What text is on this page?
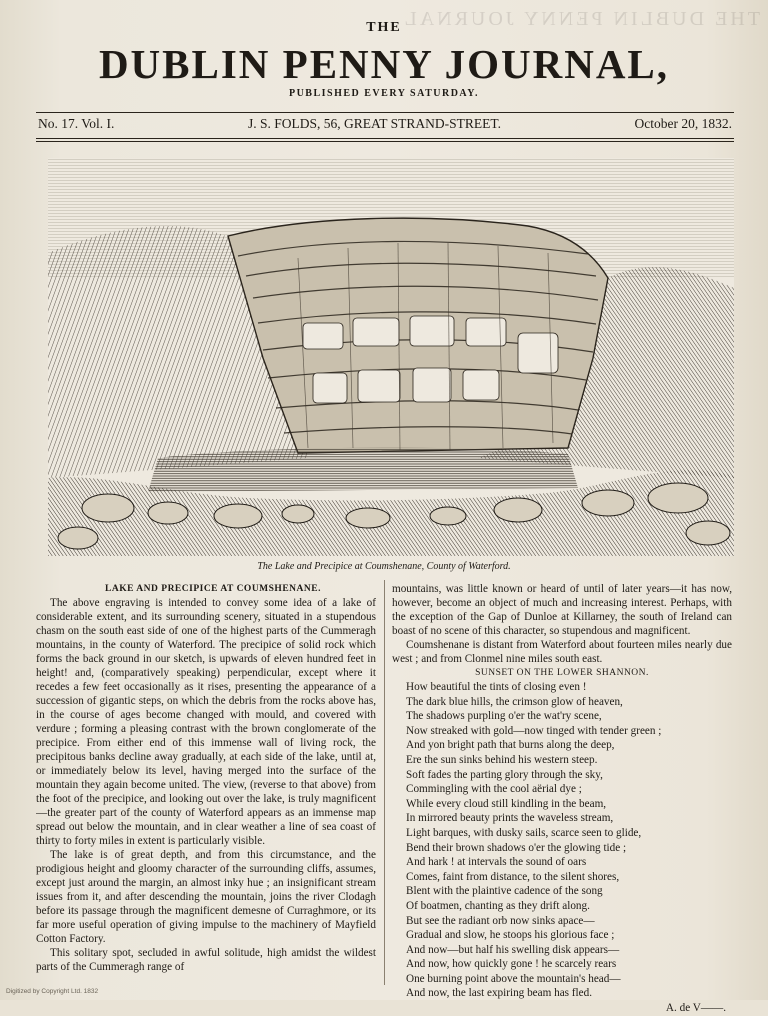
THE DUBLIN PENNY JOURNAL
THE
DUBLIN PENNY JOURNAL,
PUBLISHED EVERY SATURDAY.
No. 17. Vol. I.	J. S. FOLDS, 56, GREAT STRAND-STREET.	October 20, 1832.
The Lake and Precipice at Coumshenane, County of Waterford.

LAKE AND PRECIPICE AT COUMSHENANE.

The above engraving is intended to convey some idea of a lake of considerable extent, and its surrounding scenery, situated in a stupendous chasm on the south east side of one of the highest parts of the Cummeragh mountains, in the county of Waterford. The precipice of solid rock which forms the back ground in our sketch, is upwards of eleven hundred feet in height! and, (comparatively speaking) perpendicular, except where it recedes a few feet occasionally as it rises, presenting the appearance of a succession of gigantic steps, on which the debris from the rocks above has, in the course of ages become changed with mould, and covered with verdure ; forming a pleasing contrast with the brown conglomerate of the precipice. From either end of this immense wall of living rock, the precipitous banks decline away gradually, at each side of the lake, until at, or immediately below its level, having merged into the surface of the mountain they again become united. The view, (reverse to that above) from the foot of the precipice, and looking out over the lake, is truly magnificent—the greater part of the county of Waterford appears as an immense map spread out below the mountain, and in clear weather a line of sea coast of thirty to forty miles in extent is particularly visible.

The lake is of great depth, and from this circumstance, and the prodigious height and gloomy character of the surrounding cliffs, assumes, except just around the margin, an almost inky hue ; an insignificant stream issues from it, and after descending the mountain, joins the river Clodagh before its passage through the magnificent demesne of Curraghmore, or its far more useful operation of giving impulse to the machinery of Mayfield Cotton Factory.

This solitary spot, secluded in awful solitude, high amidst the wildest parts of the Cummeragh range of

mountains, was little known or heard of until of later years—it has now, however, become an object of much and increasing interest. Perhaps, with the exception of the Gap of Dunloe at Killarney, the south of Ireland can boast of no scene of this character, so stupendous and magnificent.

Coumshenane is distant from Waterford about fourteen miles nearly due west ; and from Clonmel nine miles south east.

SUNSET ON THE LOWER SHANNON.

How beautiful the tints of closing even !
The dark blue hills, the crimson glow of heaven,
The shadows purpling o'er the wat'ry scene,
Now streaked with gold—now tinged with tender green ;
And yon bright path that burns along the deep,
Ere the sun sinks behind his western steep.
Soft fades the parting glory through the sky,
Commingling with the cool aërial dye ;
While every cloud still kindling in the beam,
In mirrored beauty prints the waveless stream,
Light barques, with dusky sails, scarce seen to glide,
Bend their brown shadows o'er the glowing tide ;
And hark ! at intervals the sound of oars
Comes, faint from distance, to the silent shores,
Blent with the plaintive cadence of the song
Of boatmen, chanting as they drift along.
But see the radiant orb now sinks apace—
Gradual and slow, he stoops his glorious face ;
And now—but half his swelling disk appears—
And now, how quickly gone ! he scarcely rears
One burning point above the mountain's head—
And now, the last expiring beam has fled.
A. de V——.
Digitized by Copyright Ltd. 1832
